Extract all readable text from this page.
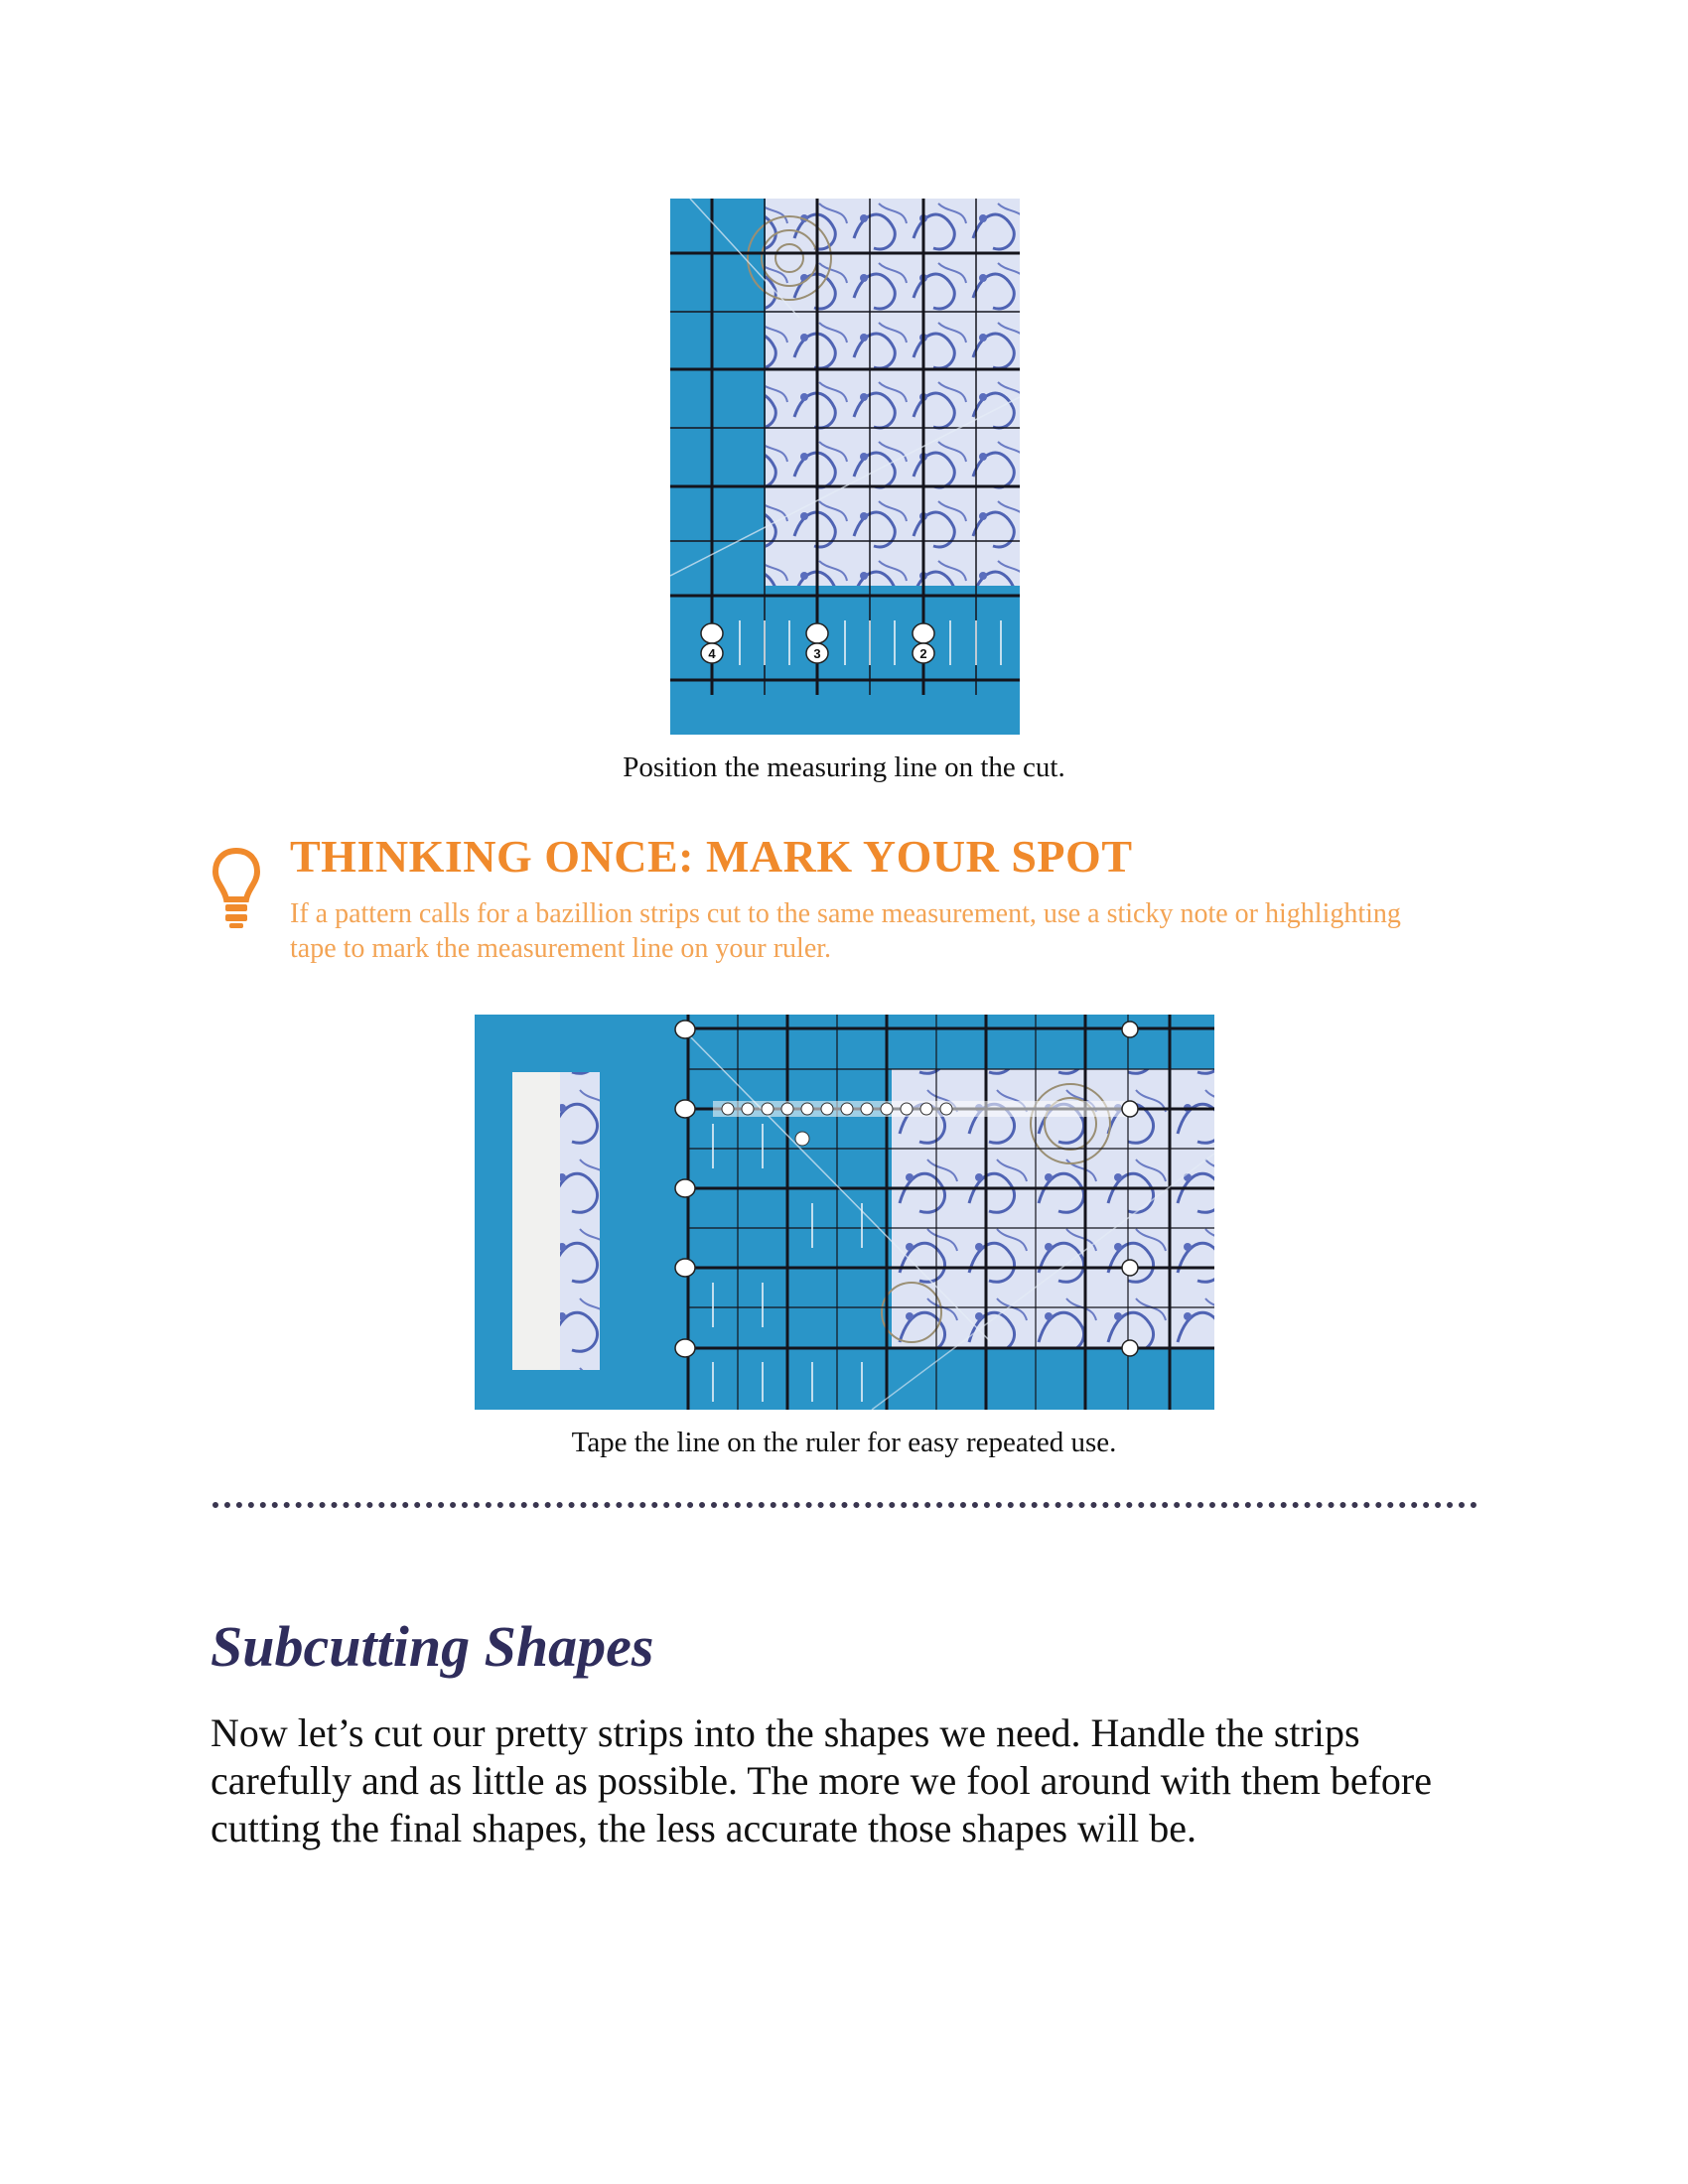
4	3	2
Position the measuring line on the cut.
THINKING ONCE: MARK YOUR SPOT
If a pattern calls for a bazillion strips cut to the same measurement, use a sticky note or highlighting tape to mark the measurement line on your ruler.
Tape the line on the ruler for easy repeated use.
Subcutting Shapes
Now let’s cut our pretty strips into the shapes we need. Handle the strips carefully and as little as possible. The more we fool around with them before cutting the final shapes, the less accurate those shapes will be.
